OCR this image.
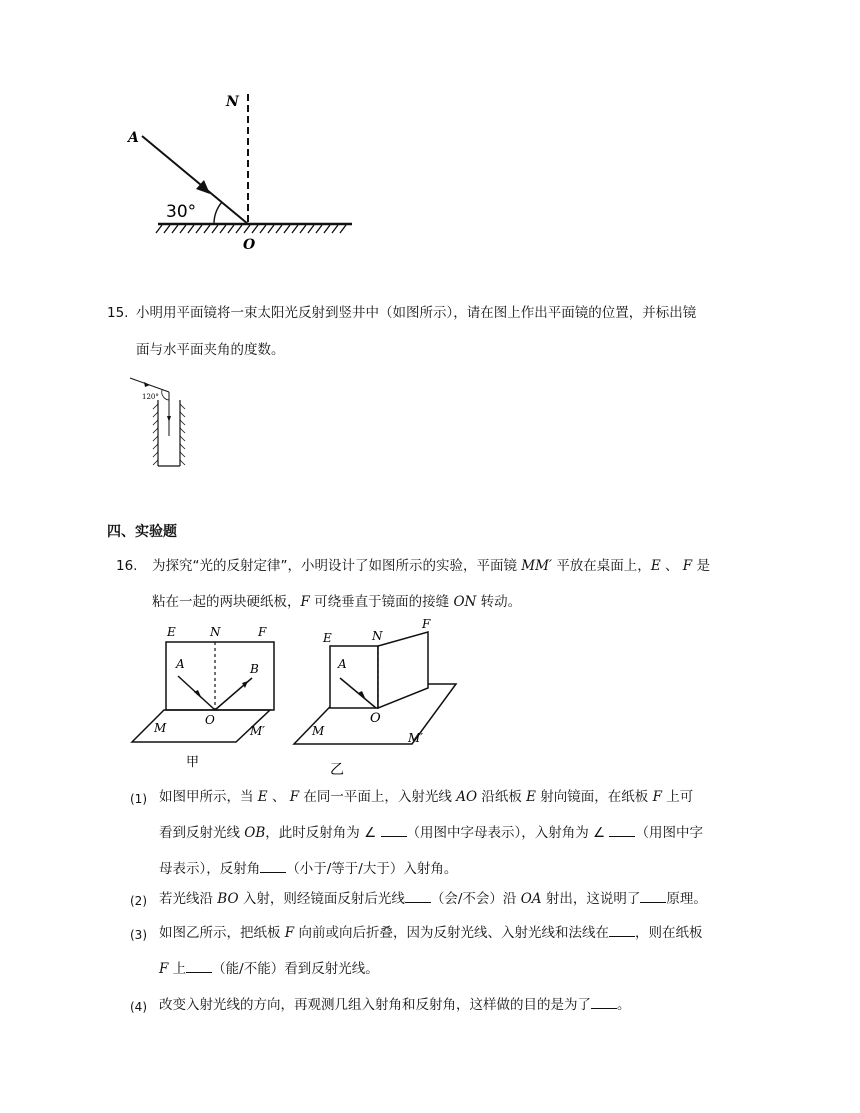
N
A
O
30°
15. 小明用平面镜将一束太阳光反射到竖井中（如图所示），请在图上作出平面镜的位置，并标出镜
面与水平面夹角的度数。
120°
四、实验题
16. 为探究“光的反射定律”，小明设计了如图所示的实验，平面镜 MM′ 平放在桌面上，E 、 F 是
粘在一起的两块硬纸板，F 可绕垂直于镜面的接缝 ON 转动。
E	N	F
A	B
O
M	M′
甲
E	N
F
A
O
M	M′
乙
(1) 如图甲所示，当 E 、 F 在同一平面上，入射光线 AO 沿纸板 E 射向镜面，在纸板 F 上可
看到反射光线 OB，此时反射角为 ∠ （用图中字母表示），入射角为 ∠ （用图中字
母表示），反射角 （小于/等于/大于）入射角。
(2) 若光线沿 BO 入射，则经镜面反射后光线 （会/不会）沿 OA 射出，这说明了 原理。
(3) 如图乙所示，把纸板 F 向前或向后折叠，因为反射光线、入射光线和法线在 ，则在纸板
F 上 （能/不能）看到反射光线。
(4) 改变入射光线的方向，再观测几组入射角和反射角，这样做的目的是为了 。
